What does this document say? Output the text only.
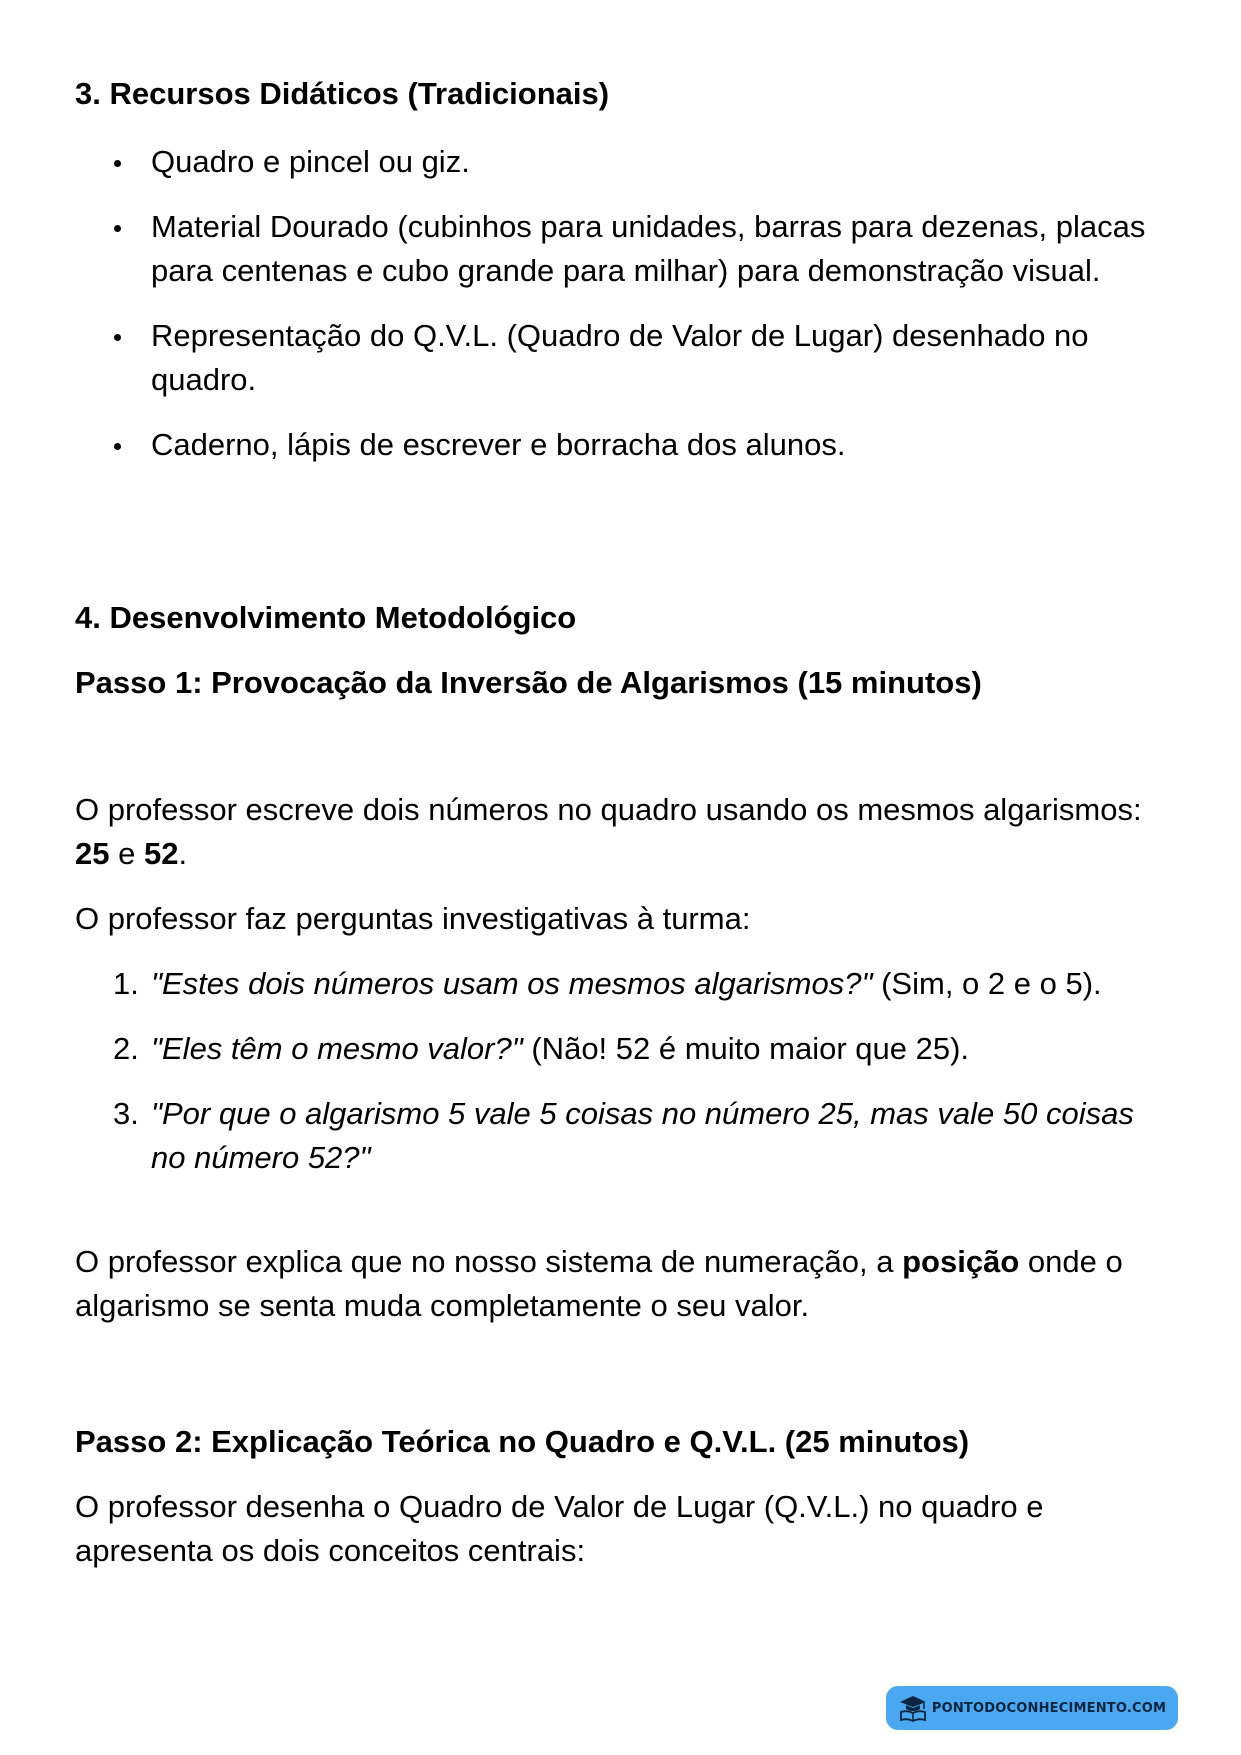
3. Recursos Didáticos (Tradicionais)
Quadro e pincel ou giz.
Material Dourado (cubinhos para unidades, barras para dezenas, placas para centenas e cubo grande para milhar) para demonstração visual.
Representação do Q.V.L. (Quadro de Valor de Lugar) desenhado no quadro.
Caderno, lápis de escrever e borracha dos alunos.
4. Desenvolvimento Metodológico
Passo 1: Provocação da Inversão de Algarismos (15 minutos)

O professor escreve dois números no quadro usando os mesmos algarismos: 25 e 52.

O professor faz perguntas investigativas à turma:

1. "Estes dois números usam os mesmos algarismos?" (Sim, o 2 e o 5).
2. "Eles têm o mesmo valor?" (Não! 52 é muito maior que 25).
3. "Por que o algarismo 5 vale 5 coisas no número 25, mas vale 50 coisas no número 52?"

O professor explica que no nosso sistema de numeração, a posição onde o algarismo se senta muda completamente o seu valor.

Passo 2: Explicação Teórica no Quadro e Q.V.L. (25 minutos)

O professor desenha o Quadro de Valor de Lugar (Q.V.L.) no quadro e apresenta os dois conceitos centrais:

PONTODOCONHECIMENTO.COM
